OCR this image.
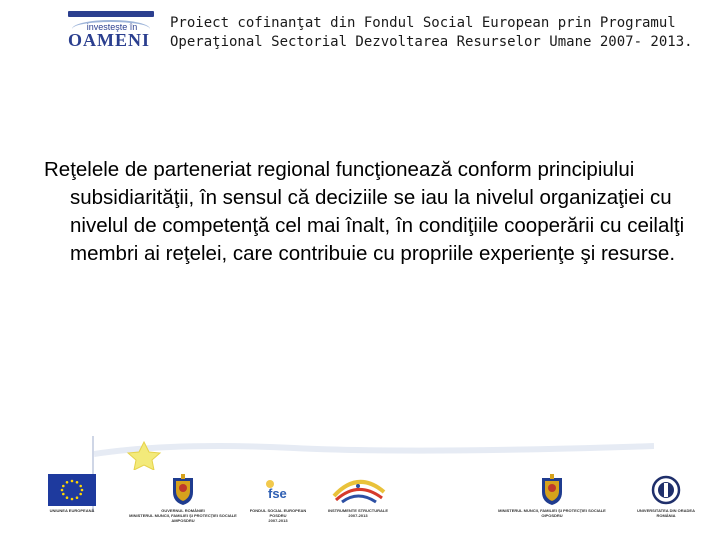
investeşte în
OAMENI
Proiect cofinanţat din Fondul Social European prin Programul
Operaţional Sectorial Dezvoltarea Resurselor Umane 2007- 2013.
Reţelele de parteneriat regional funcţionează conform principiului subsidiarităţii, în sensul că deciziile se iau la nivelul organizaţiei cu nivelul de competenţă cel mai înalt, în condiţiile cooperării cu ceilalţi membri ai reţelei, care contribuie cu propriile experienţe şi resurse.
UNIUNEA EUROPEANĂ	GUVERNUL ROMÂNIEI
MINISTERUL MUNCII, FAMILIEI ŞI PROTECŢIEI SOCIALE
AMPOSDRU
fse
FONDUL SOCIAL EUROPEAN
POSDRU
2007-2013
INSTRUMENTE STRUCTURALE
2007-2013
MINISTERUL MUNCII, FAMILIEI ŞI PROTECŢIEI SOCIALE
OIPOSDRU
UNIVERSITATEA DIN ORADEA
ROMÂNIA
